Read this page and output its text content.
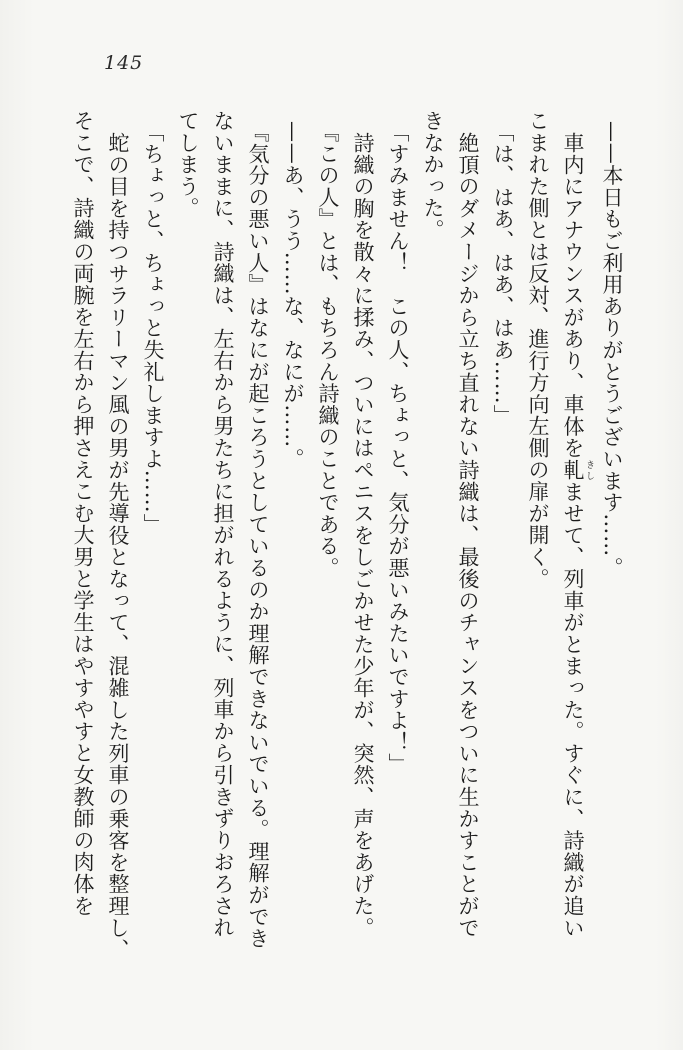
145

——本日もご利用ありがとうございます……。

車内にアナウンスがあり、車体を軋 きしませて、列車がとまった。すぐに、詩織が追い

こまれた側とは反対、進行方向左側の扉が開く。

「は、はあ、はあ、はあ……」

絶頂のダメージから立ち直れない詩織は、最後のチャンスをついに生かすことがで

きなかった。

「すみません！　この人、ちょっと、気分が悪いみたいですよ！」

詩織の胸を散々に揉み、ついにはペニスをしごかせた少年が、突然、声をあげた。

『この人』とは、もちろん詩織のことである。

——あ、うう……な、なにが……。

『気分の悪い人』はなにが起ころうとしているのか理解できないでいる。理解ができ

ないままに、詩織は、左右から男たちに担がれるように、列車から引きずりおろされ

てしまう。

「ちょっと、ちょっと失礼しますよ……」

蛇の目を持つサラリーマン風の男が先導役となって、混雑した列車の乗客を整理し、

そこで、詩織の両腕を左右から押さえこむ大男と学生はやすやすと女教師の肉体を
